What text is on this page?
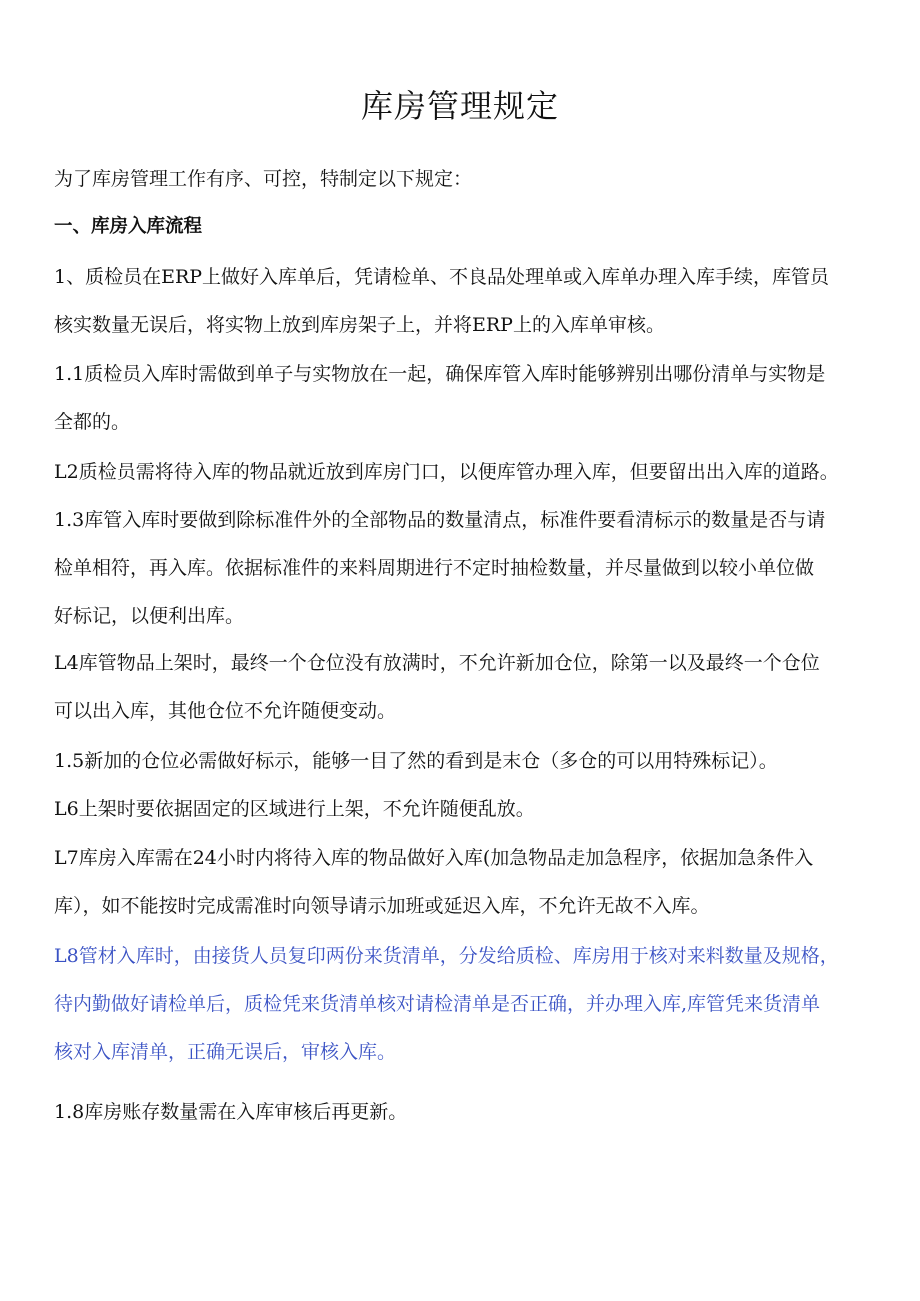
库房管理规定

为了库房管理工作有序、可控，特制定以下规定：

一、库房入库流程

1、质检员在ERP上做好入库单后，凭请检单、不良品处理单或入库单办理入库手续，库管员
核实数量无误后，将实物上放到库房架子上，并将ERP上的入库单审核。

1.1质检员入库时需做到单子与实物放在一起，确保库管入库时能够辨别出哪份清单与实物是
全都的。

L2质检员需将待入库的物品就近放到库房门口，以便库管办理入库，但要留出出入库的道路。

1.3库管入库时要做到除标准件外的全部物品的数量清点，标准件要看清标示的数量是否与请
检单相符，再入库。依据标准件的来料周期进行不定时抽检数量，并尽量做到以较小单位做
好标记，以便利出库。

L4库管物品上架时，最终一个仓位没有放满时，不允许新加仓位，除第一以及最终一个仓位
可以出入库，其他仓位不允许随便变动。

1.5新加的仓位必需做好标示，能够一目了然的看到是末仓（多仓的可以用特殊标记）。

L6上架时要依据固定的区域进行上架，不允许随便乱放。

L7库房入库需在24小时内将待入库的物品做好入库(加急物品走加急程序，依据加急条件入
库），如不能按时完成需准时向领导请示加班或延迟入库，不允许无故不入库。

L8管材入库时，由接货人员复印两份来货清单，分发给质检、库房用于核对来料数量及规格，
待内勤做好请检单后，质检凭来货清单核对请检清单是否正确，并办理入库,库管凭来货清单
核对入库清单，正确无误后，审核入库。

1.8库房账存数量需在入库审核后再更新。
